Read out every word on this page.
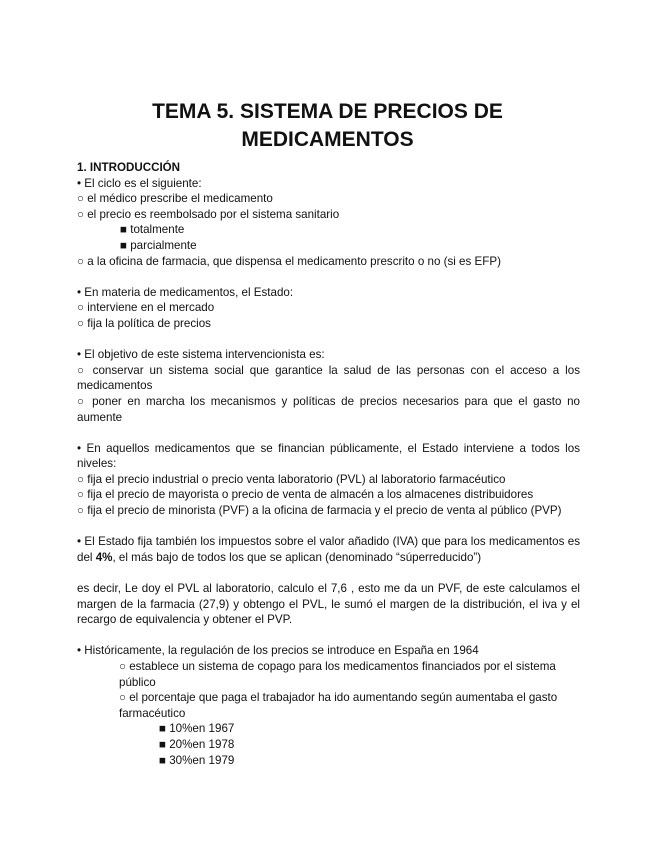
TEMA 5. SISTEMA DE PRECIOS DE
MEDICAMENTOS
1. INTRODUCCIÓN
• El ciclo es el siguiente:
○ el médico prescribe el medicamento
○ el precio es reembolsado por el sistema sanitario
■ totalmente
■ parcialmente
○ a la oficina de farmacia, que dispensa el medicamento prescrito o no (si es EFP)
• En materia de medicamentos, el Estado:
○ interviene en el mercado
○ fija la política de precios
• El objetivo de este sistema intervencionista es:
○ conservar un sistema social que garantice la salud de las personas con el acceso a los medicamentos
○ poner en marcha los mecanismos y políticas de precios necesarios para que el gasto no aumente
• En aquellos medicamentos que se financian públicamente, el Estado interviene a todos los niveles:
○ fija el precio industrial o precio venta laboratorio (PVL) al laboratorio farmacéutico
○ fija el precio de mayorista o precio de venta de almacén a los almacenes distribuidores
○ fija el precio de minorista (PVF) a la oficina de farmacia y el precio de venta al público (PVP)
• El Estado fija también los impuestos sobre el valor añadido (IVA) que para los medicamentos es del 4%, el más bajo de todos los que se aplican (denominado “súperreducido”)
es decir, Le doy el PVL al laboratorio, calculo el 7,6 , esto me da un PVF, de este calculamos el margen de la farmacia (27,9) y obtengo el PVL, le sumó el margen de la distribución, el iva y el recargo de equivalencia y obtener el PVP.
• Históricamente, la regulación de los precios se introduce en España en 1964
○ establece un sistema de copago para los medicamentos financiados por el sistema público
○ el porcentaje que paga el trabajador ha ido aumentando según aumentaba el gasto farmacéutico
■ 10%en 1967
■ 20%en 1978
■ 30%en 1979
